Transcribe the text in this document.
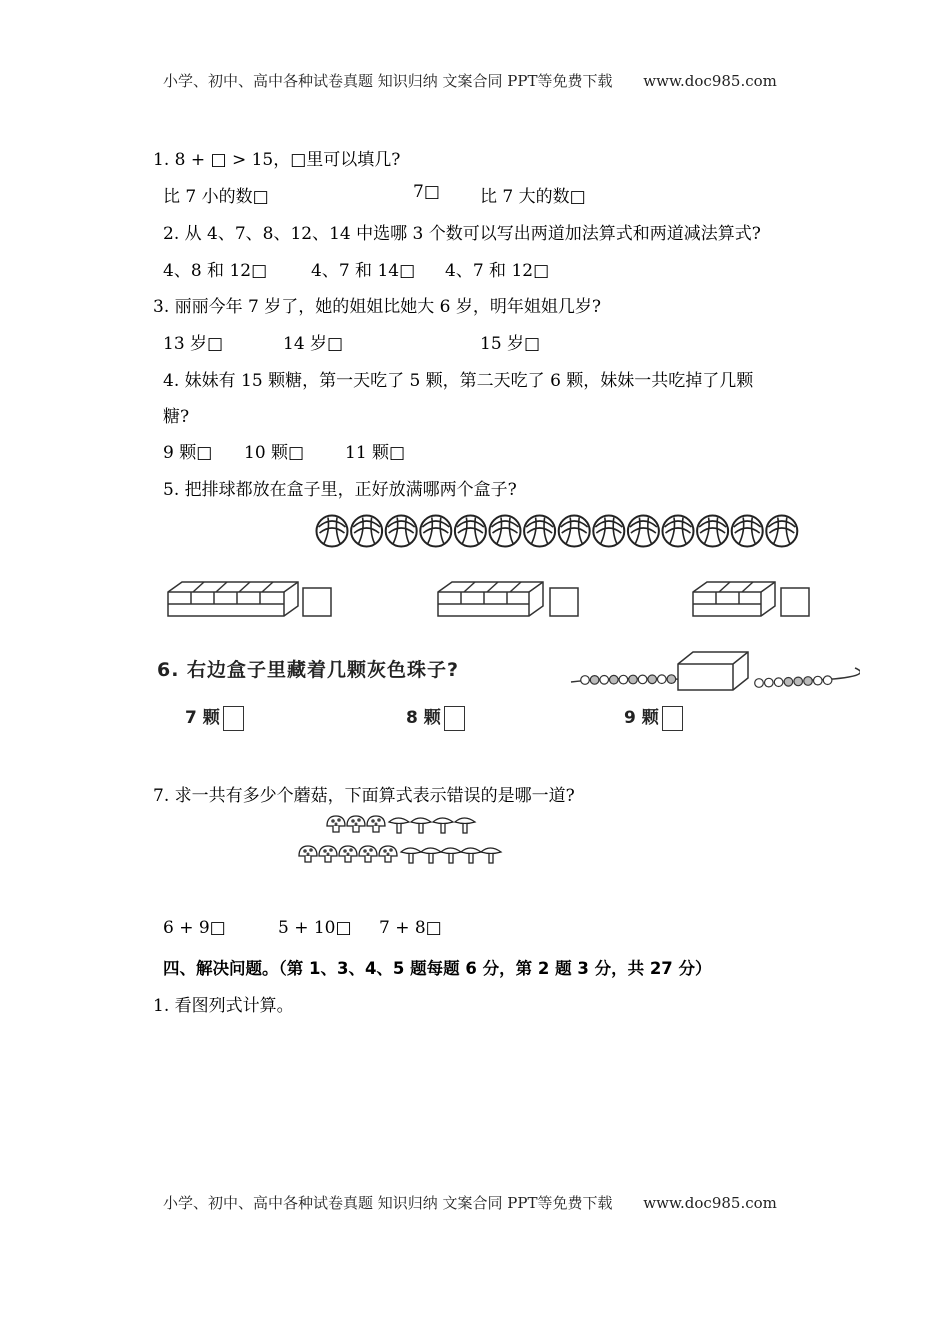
小学、初中、高中各种试卷真题 知识归纳 文案合同 PPT等免费下载 www.doc985.com
1. 8 + □ > 15，□里可以填几?
比 7 小的数□	7□ 比 7 大的数□
2. 从 4、7、8、12、14 中选哪 3 个数可以写出两道加法算式和两道减法算式?
4、8 和 12□	4、7 和 14□ 4、7 和 12□
3. 丽丽今年 7 岁了，她的姐姐比她大 6 岁，明年姐姐几岁?
13 岁□	14 岁□	15 岁□
4. 妹妹有 15 颗糖，第一天吃了 5 颗，第二天吃了 6 颗，妹妹一共吃掉了几颗
糖?
9 颗□ 10 颗□ 11 颗□
5. 把排球都放在盒子里，正好放满哪两个盒子?
6. 右边盒子里藏着几颗灰色珠子?
7 颗	8 颗	9 颗
7. 求一共有多少个蘑菇，下面算式表示错误的是哪一道?
6 + 9□	5 + 10□ 7 + 8□
四、解决问题。（第 1、3、4、5 题每题 6 分，第 2 题 3 分，共 27 分）
1. 看图列式计算。
小学、初中、高中各种试卷真题 知识归纳 文案合同 PPT等免费下载 www.doc985.com
